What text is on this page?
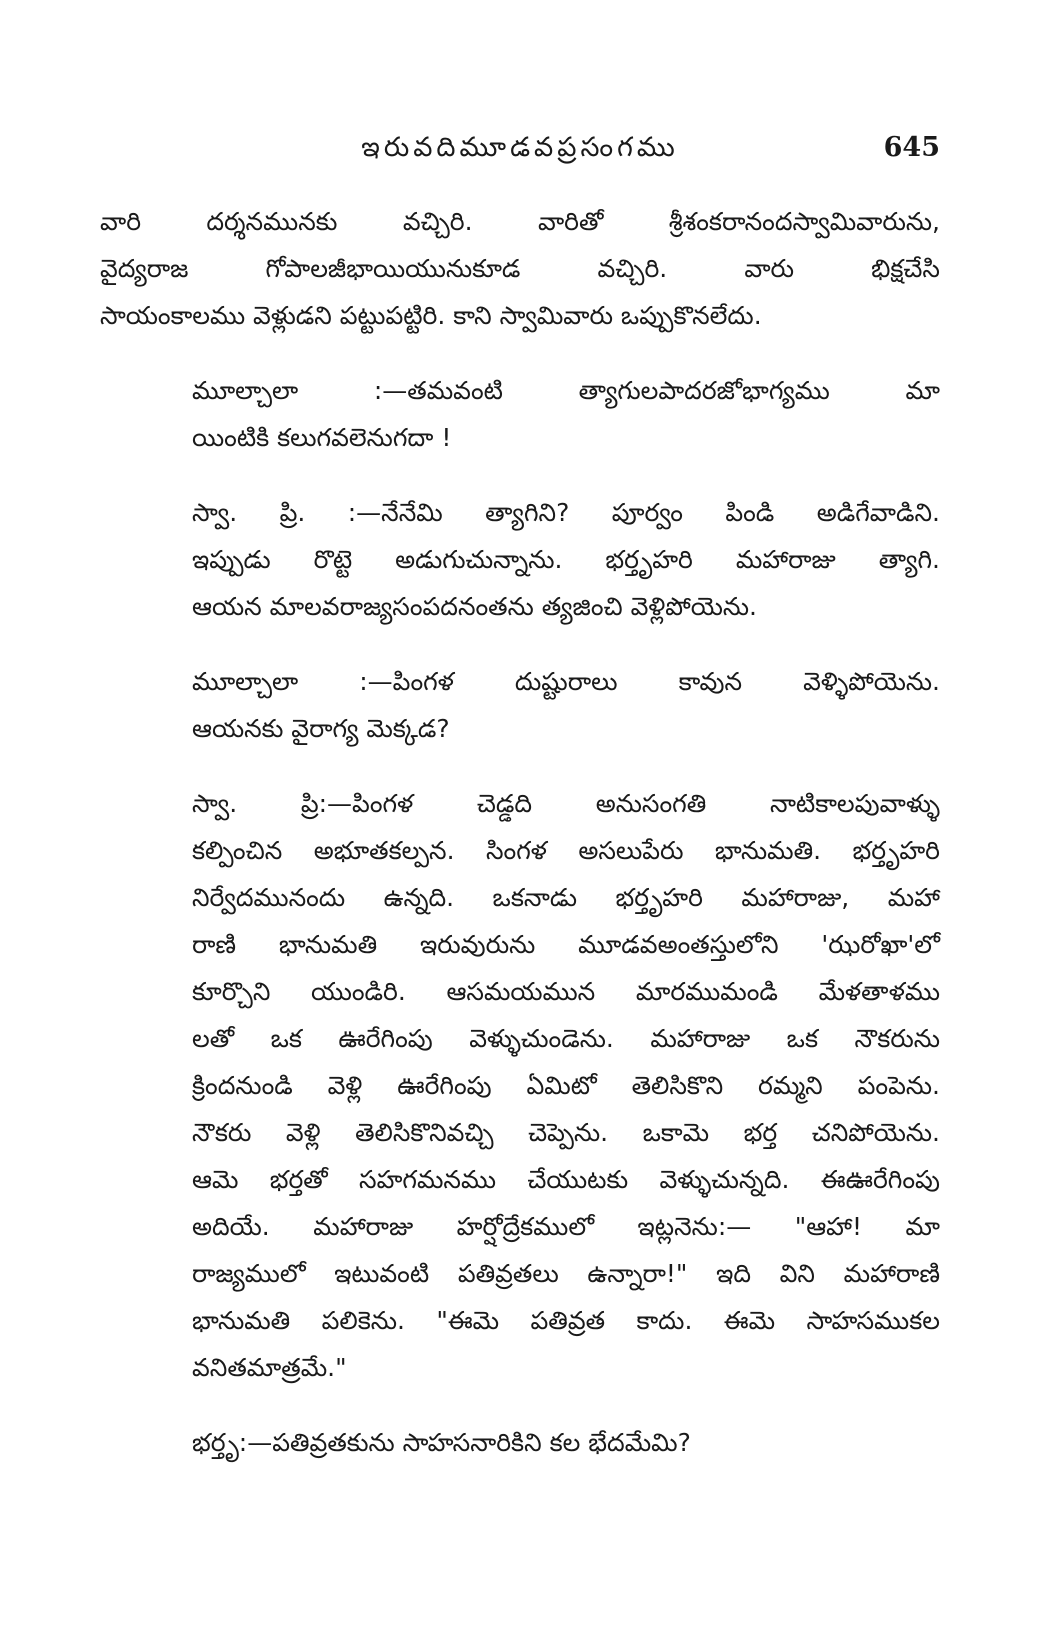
ఇరువదిమూడవప్రసంగము	645

వారి దర్శనమునకు వచ్చిరి. వారితో శ్రీశంకరానందస్వామివారును,
వైద్యరాజ గోపాలజీభాయియునుకూడ వచ్చిరి. వారు భిక్షచేసి
సాయంకాలము వెళ్లుడని పట్టుపట్టిరి. కాని స్వామివారు ఒప్పుకొనలేదు.

మూల్చాలా :—తమవంటి త్యాగులపాదరజోభాగ్యము మా
యింటికి కలుగవలెనుగదా !

స్వా. ప్రి. :—నేనేమి త్యాగిని? పూర్వం పిండి అడిగేవాడిని.
ఇప్పుడు రొట్టె అడుగుచున్నాను. భర్తృహరి మహారాజు త్యాగి.
ఆయన మాలవరాజ్యసంపదనంతను త్యజించి వెళ్లిపోయెను.

మూల్చాలా :—పింగళ దుష్టురాలు కావున వెళ్ళిపోయెను.
ఆయనకు వైరాగ్య మెక్కడ?

స్వా. ప్రి:—పింగళ చెడ్డది అనుసంగతి నాటికాలపువాళ్ళు
కల్పించిన అభూతకల్పన. సింగళ అసలుపేరు భానుమతి. భర్తృహరి
నిర్వేదమునందు ఉన్నది. ఒకనాడు భర్తృహరి మహారాజు, మహా
రాణి భానుమతి ఇరువురును మూడవఅంతస్తులోని 'ఝరోఖా'లో
కూర్చొని యుండిరి. ఆసమయమున మారముమండి మేళతాళము
లతో ఒక ఊరేగింపు వెళ్ళుచుండెను. మహారాజు ఒక నౌకరును
క్రిందనుండి వెళ్లి ఊరేగింపు ఏమిటో తెలిసికొని రమ్మని పంపెను.
నౌకరు వెళ్లి తెలిసికొనివచ్చి చెప్పెను. ఒకామె భర్త చనిపోయెను.
ఆమె భర్తతో సహగమనము చేయుటకు వెళ్ళుచున్నది. ఈఊరేగింపు
అదియే. మహారాజు హర్షోద్రేకములో ఇట్లనెను:— "ఆహా! మా
రాజ్యములో ఇటువంటి పతివ్రతలు ఉన్నారా!" ఇది విని మహారాణి
భానుమతి పలికెను. "ఈమె పతివ్రత కాదు. ఈమె సాహసముకల
వనితమాత్రమే."

భర్తృ:—పతివ్రతకును సాహసనారికిని కల భేదమేమి?
